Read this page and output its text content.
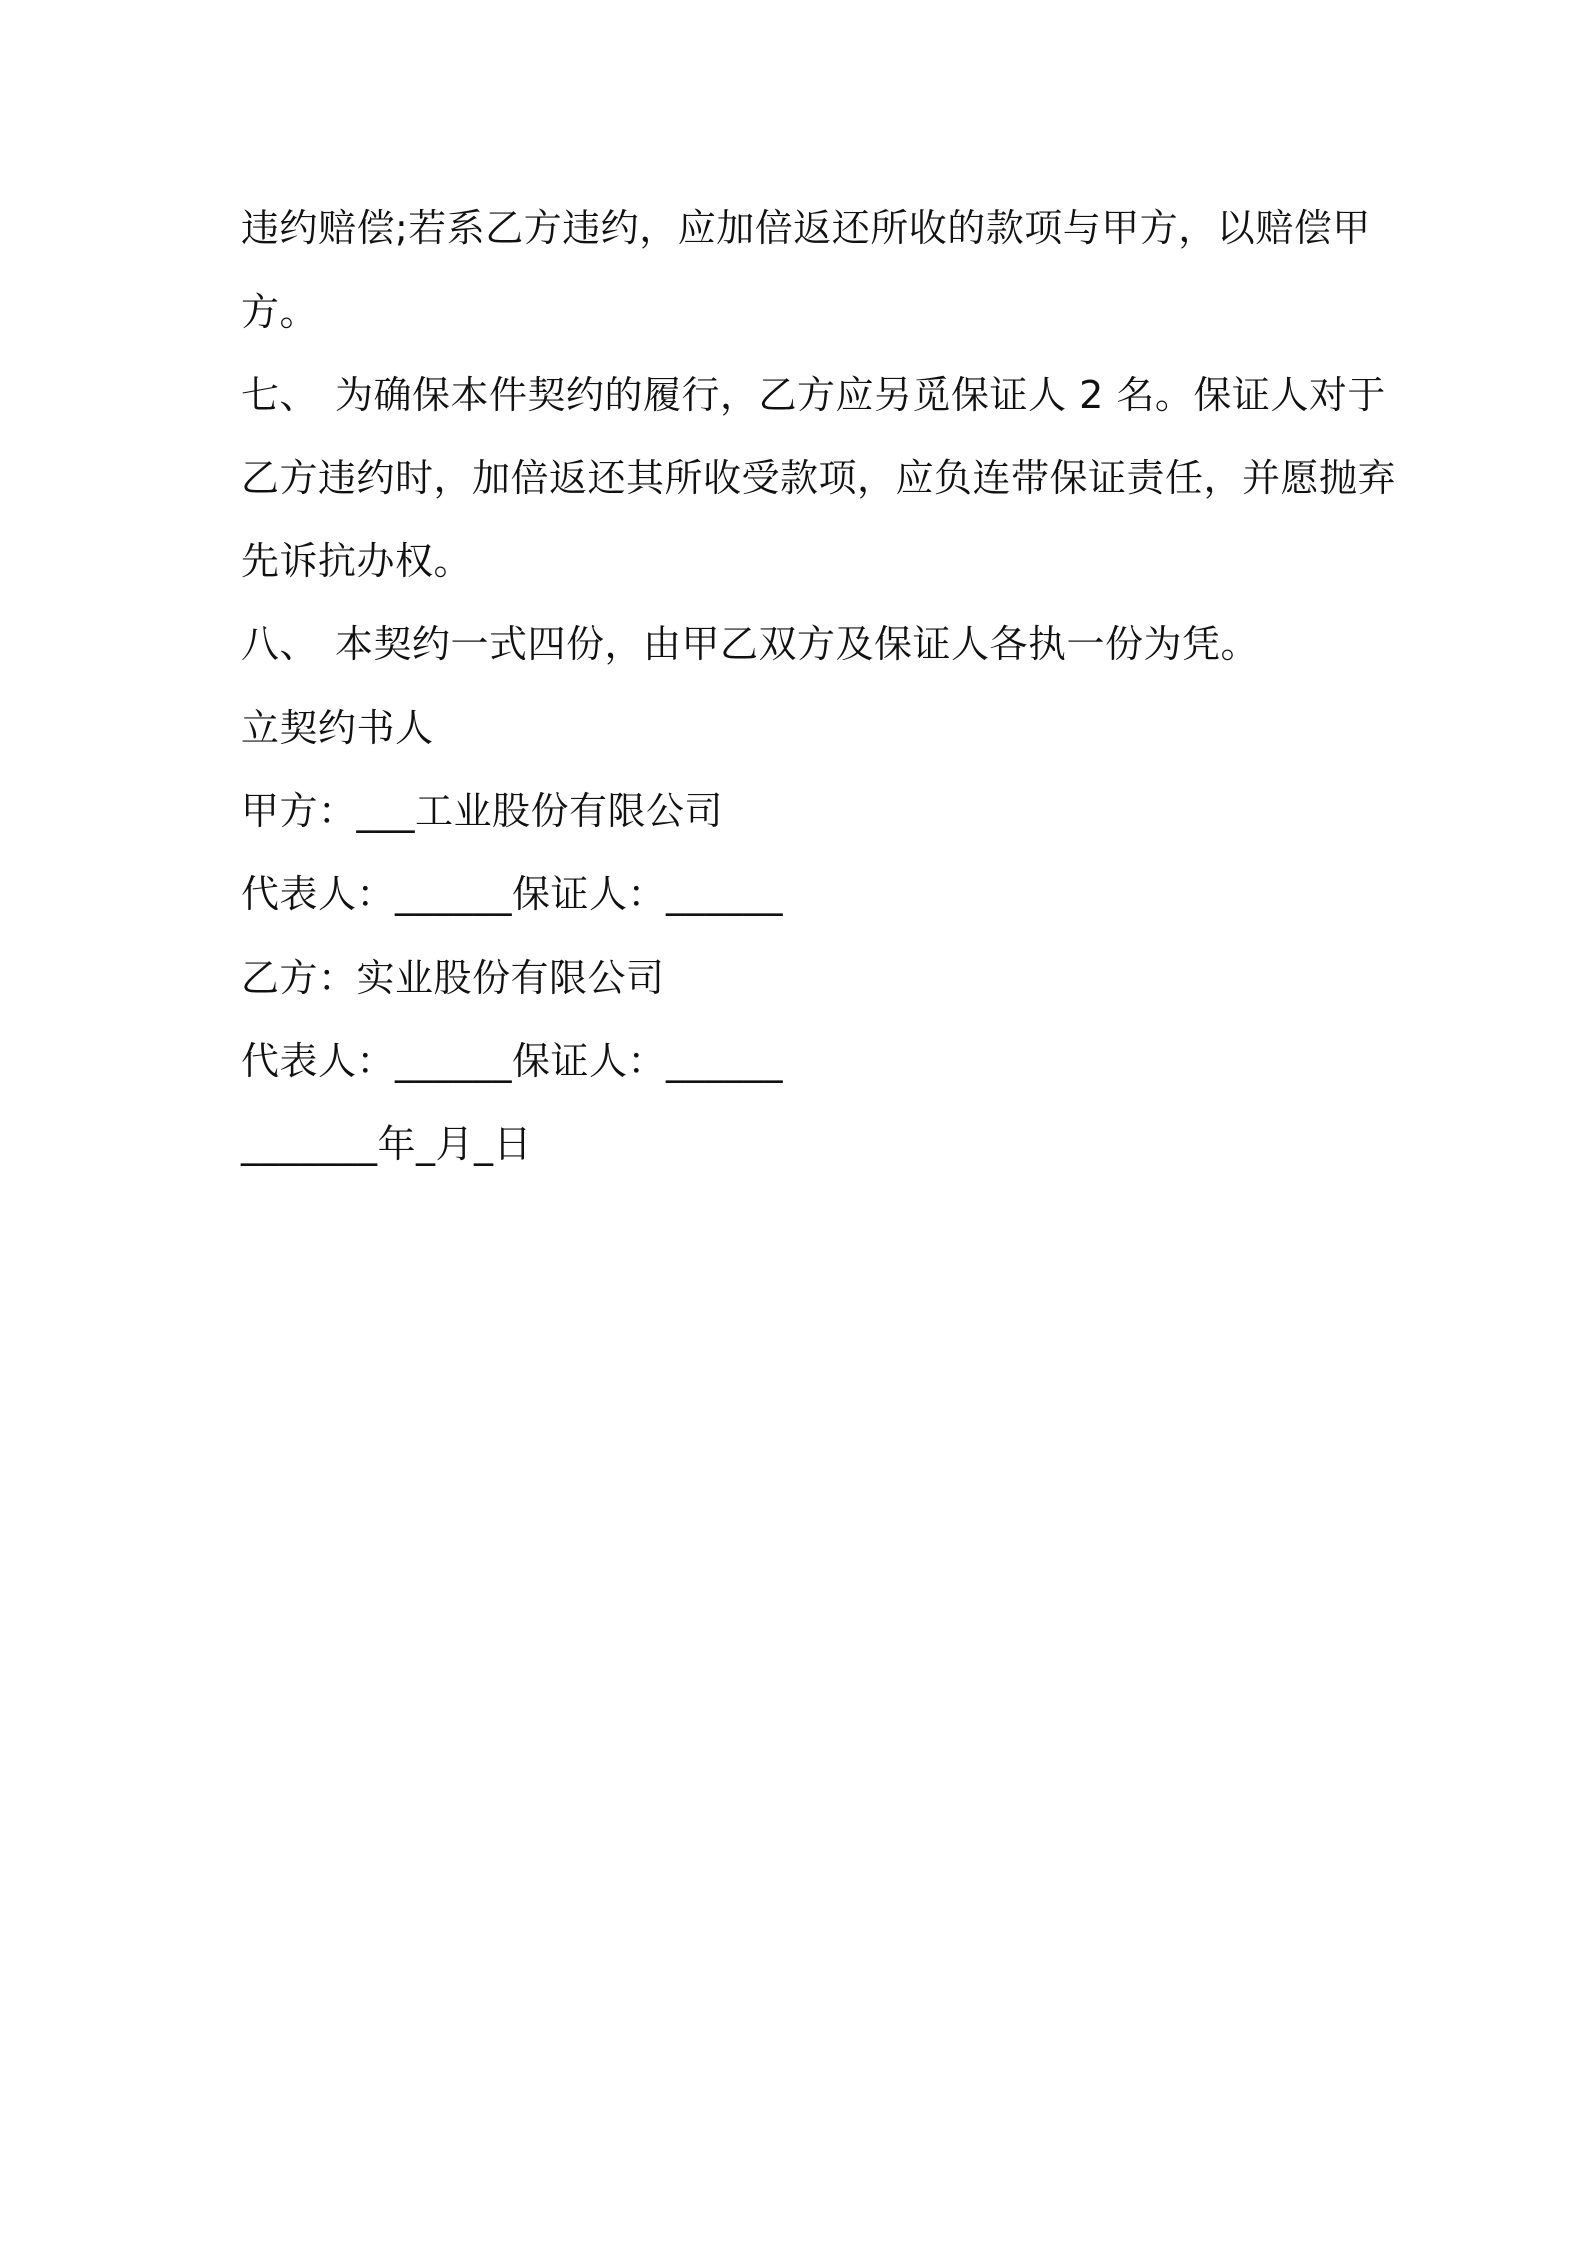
违约赔偿;若系乙方违约，应加倍返还所收的款项与甲方，以赔偿甲
方。
七、 为确保本件契约的履行，乙方应另觅保证人 2 名。保证人对于
乙方违约时，加倍返还其所收受款项，应负连带保证责任，并愿抛弃
先诉抗办权。
八、 本契约一式四份，由甲乙双方及保证人各执一份为凭。
立契约书人
甲方：___工业股份有限公司
代表人：______保证人：______
乙方：实业股份有限公司
代表人：______保证人：______
_______年_月_日
